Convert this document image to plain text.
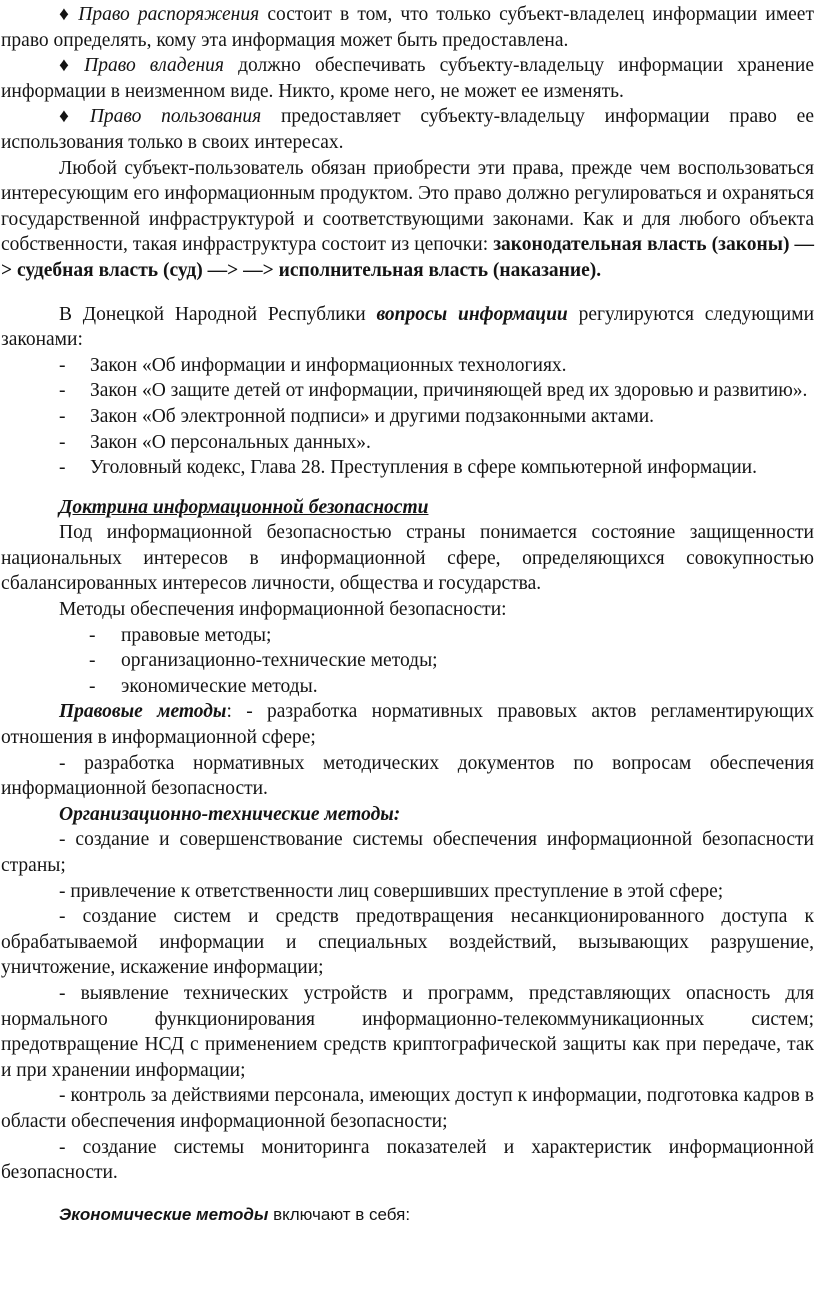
♦ Право распоряжения состоит в том, что только субъект-владелец информации имеет право определять, кому эта информация может быть предоставлена.

♦ Право владения должно обеспечивать субъекту-владельцу информации хранение информации в неизменном виде. Никто, кроме него, не может ее изменять.

♦ Право пользования предоставляет субъекту-владельцу информации право ее использования только в своих интересах.

Любой субъект-пользователь обязан приобрести эти права, прежде чем воспользоваться интересующим его информационным продуктом. Это право должно регулироваться и охраняться государственной инфраструктурой и соответствующими законами. Как и для любого объекта собственности, такая инфраструктура состоит из цепочки: законодательная власть (законы) —> судебная власть (суд) —> —> исполнительная власть (наказание).

В Донецкой Народной Республики вопросы информации регулируются следующими законами:

- Закон «Об информации и информационных технологиях.
- Закон «О защите детей от информации, причиняющей вред их здоровью и развитию».
- Закон «Об электронной подписи» и другими подзаконными актами.
- Закон «О персональных данных».
- Уголовный кодекс, Глава 28. Преступления в сфере компьютерной информации.

Доктрина информационной безопасности

Под информационной безопасностью страны понимается состояние защищенности национальных интересов в информационной сфере, определяющихся совокупностью сбалансированных интересов личности, общества и государства.

Методы обеспечения информационной безопасности:

- правовые методы;
- организационно-технические методы;
- экономические методы.

Правовые методы: - разработка нормативных правовых актов регламентирующих отношения в информационной сфере;

- разработка нормативных методических документов по вопросам обеспечения информационной безопасности.

Организационно-технические методы:

- создание и совершенствование системы обеспечения информационной безопасности страны;

- привлечение к ответственности лиц совершивших преступление в этой сфере;

- создание систем и средств предотвращения несанкционированного доступа к обрабатываемой информации и специальных воздействий, вызывающих разрушение, уничтожение, искажение информации;

- выявление технических устройств и программ, представляющих опасность для нормального функционирования информационно-телекоммуникационных систем; предотвращение НСД с применением средств криптографической защиты как при передаче, так и при хранении информации;

- контроль за действиями персонала, имеющих доступ к информации, подготовка кадров в области обеспечения информационной безопасности;

- создание системы мониторинга показателей и характеристик информационной безопасности.

Экономические методы включают в себя:
